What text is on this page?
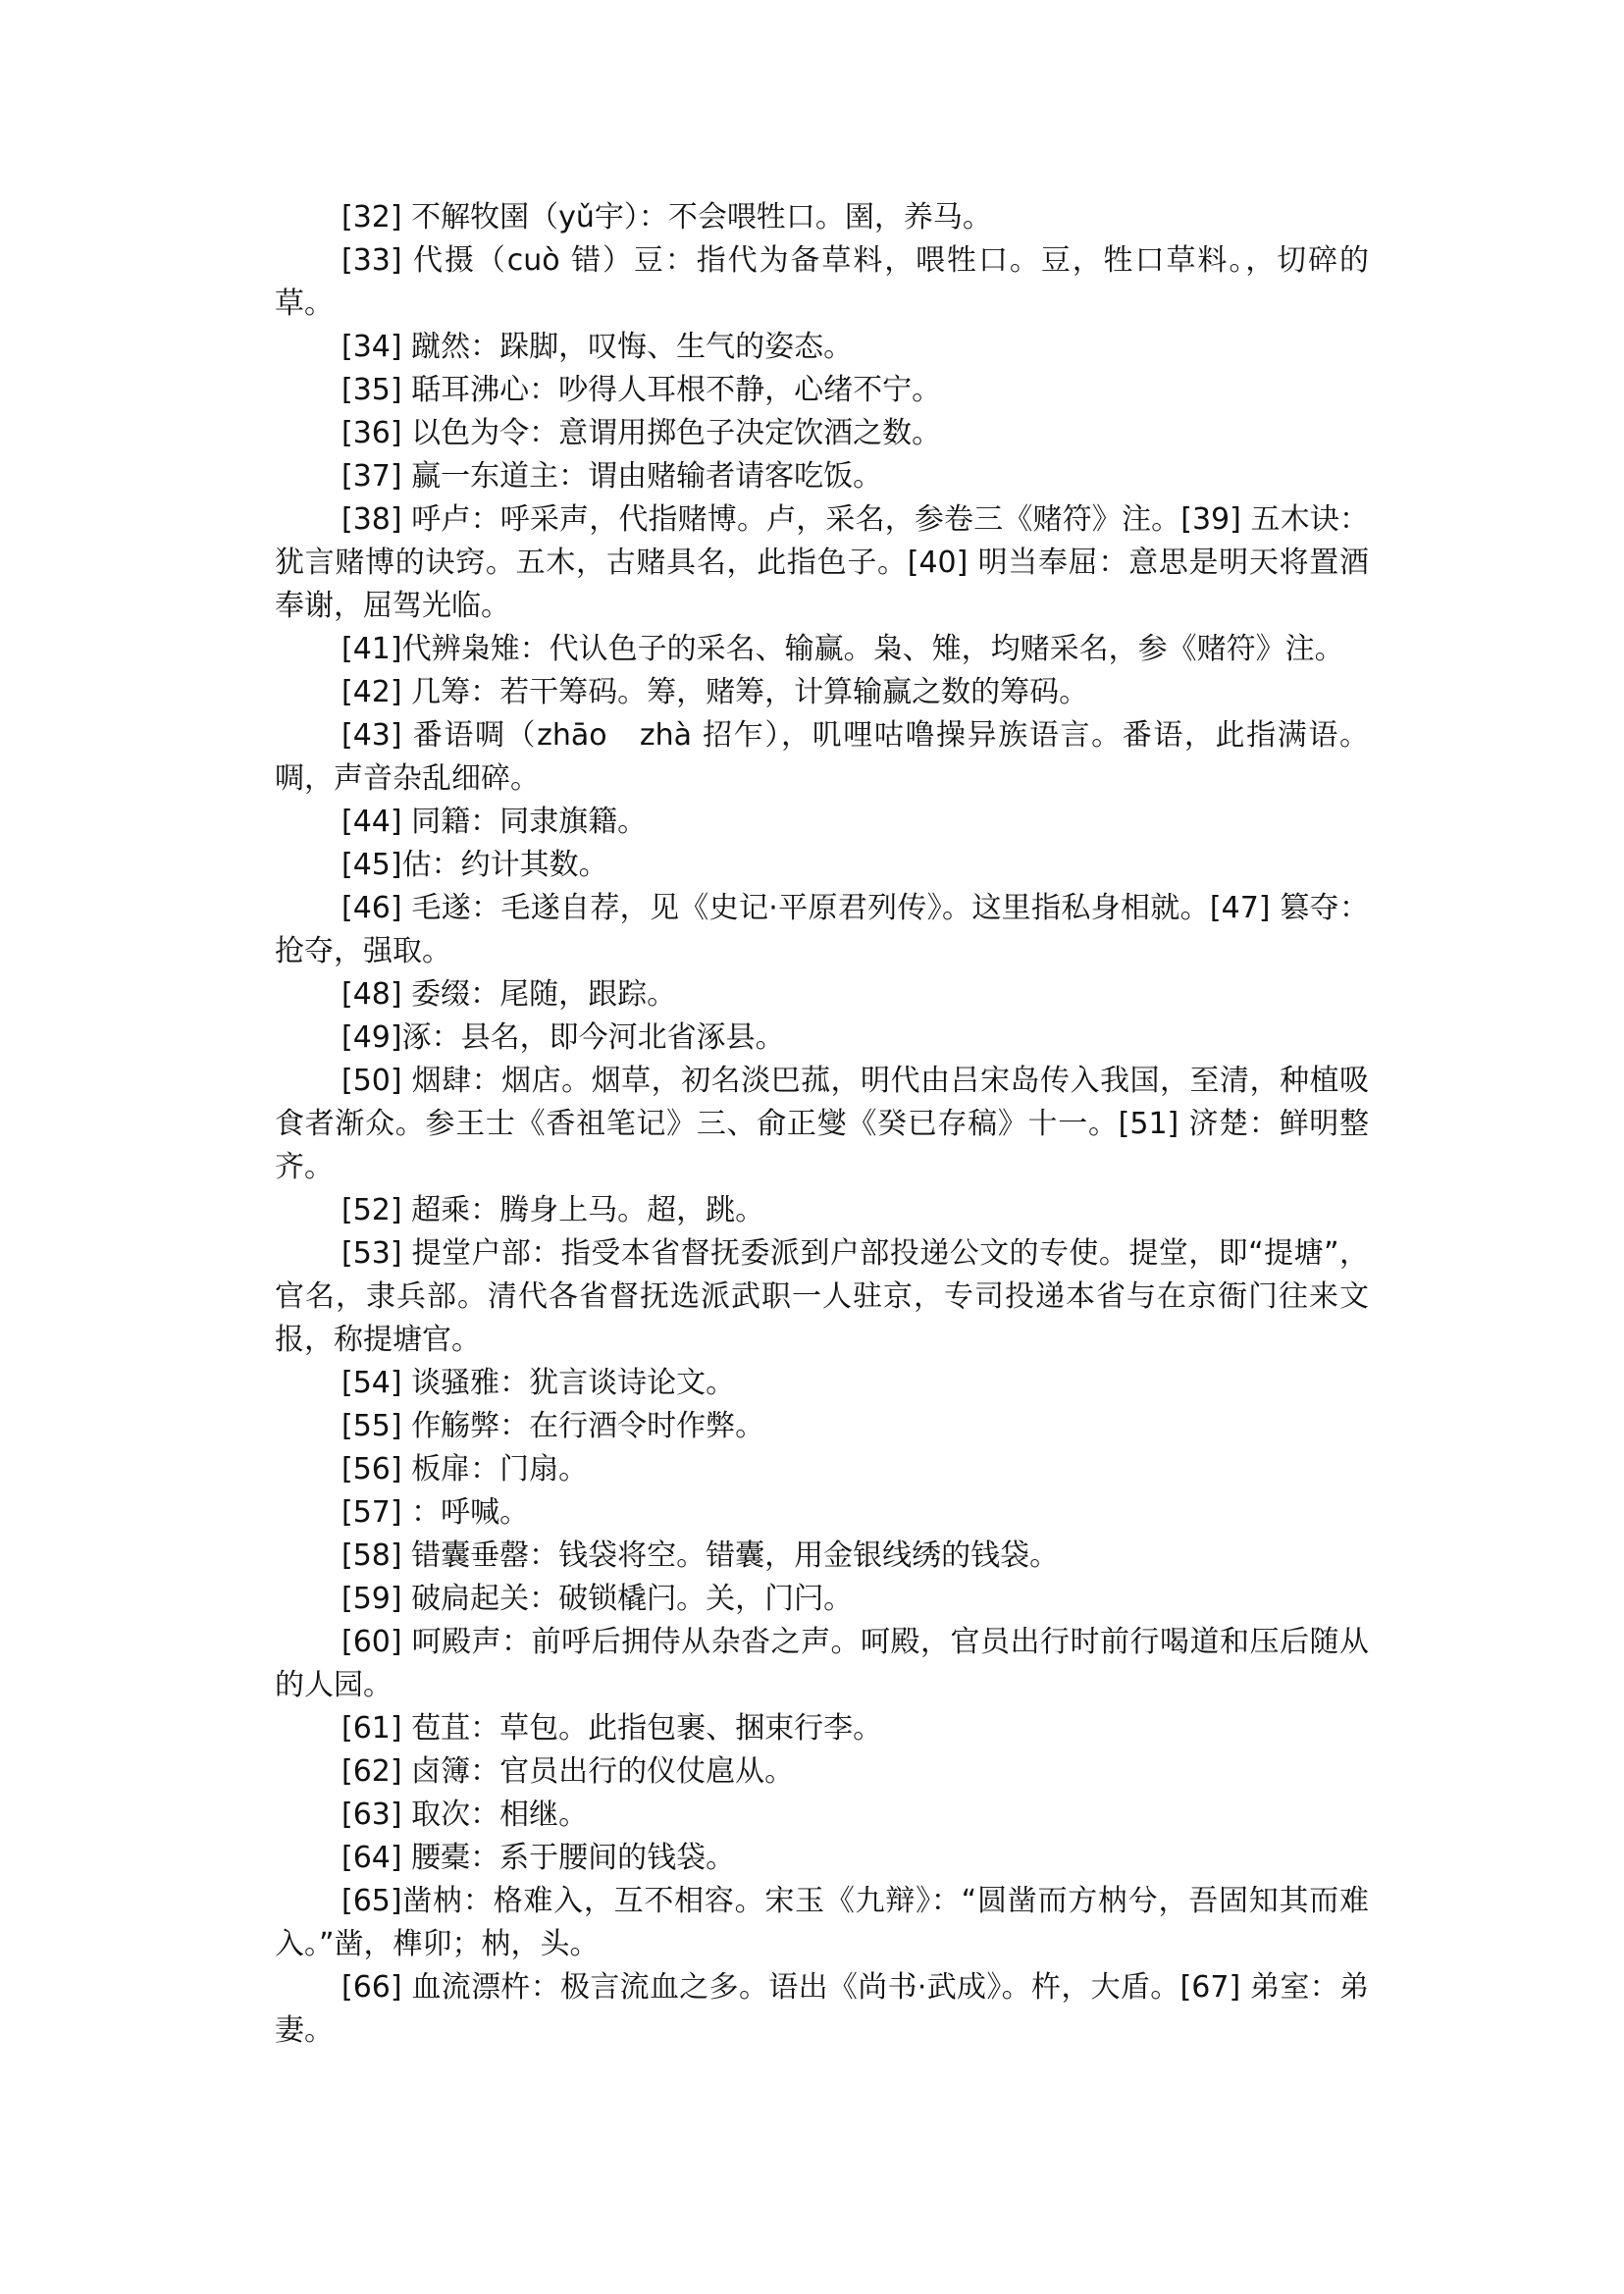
[32] 不解牧圉（yǔ宇）：不会喂牲口。圉，养马。

[33] 代摄（cuò 错）豆：指代为备草料，喂牲口。豆，牲口草料。，切碎的草。

[34] 蹴然：跺脚，叹悔、生气的姿态。

[35] 聒耳沸心：吵得人耳根不静，心绪不宁。

[36] 以色为令：意谓用掷色子决定饮酒之数。

[37] 赢一东道主：谓由赌输者请客吃饭。

[38] 呼卢：呼采声，代指赌博。卢，采名，参卷三《赌符》注。[39] 五木诀：犹言赌博的诀窍。五木，古赌具名，此指色子。[40] 明当奉屈：意思是明天将置酒奉谢，屈驾光临。

[41]代辨枭雉：代认色子的采名、输赢。枭、雉，均赌采名，参《赌符》注。

[42] 几筹：若干筹码。筹，赌筹，计算输赢之数的筹码。

[43] 番语啁（zhāo　zhà 招乍），叽哩咕噜操异族语言。番语，此指满语。啁，声音杂乱细碎。

[44] 同籍：同隶旗籍。

[45]估：约计其数。

[46] 毛遂：毛遂自荐，见《史记·平原君列传》。这里指私身相就。[47] 篡夺：抢夺，强取。

[48] 委缀：尾随，跟踪。

[49]涿：县名，即今河北省涿县。

[50] 烟肆：烟店。烟草，初名淡巴菰，明代由吕宋岛传入我国，至清，种植吸食者渐众。参王士《香祖笔记》三、俞正燮《癸已存稿》十一。[51] 济楚：鲜明整齐。

[52] 超乘：腾身上马。超，跳。

[53] 提堂户部：指受本省督抚委派到户部投递公文的专使。提堂，即“提塘”，官名，隶兵部。清代各省督抚选派武职一人驻京，专司投递本省与在京衙门往来文报，称提塘官。

[54] 谈骚雅：犹言谈诗论文。

[55] 作觞弊：在行酒令时作弊。

[56] 板扉：门扇。

[57] ：呼喊。

[58] 错囊垂罄：钱袋将空。错囊，用金银线绣的钱袋。

[59] 破扃起关：破锁橇闩。关，门闩。

[60] 呵殿声：前呼后拥侍从杂沓之声。呵殿，官员出行时前行喝道和压后随从的人园。

[61] 苞苴：草包。此指包裹、捆束行李。

[62] 卤簿：官员出行的仪仗扈从。

[63] 取次：相继。

[64] 腰橐：系于腰间的钱袋。

[65]凿枘：格难入，互不相容。宋玉《九辩》：“圆凿而方枘兮，吾固知其而难入。”凿，榫卯；枘，头。

[66] 血流漂杵：极言流血之多。语出《尚书·武成》。杵，大盾。[67] 弟室：弟妻。
